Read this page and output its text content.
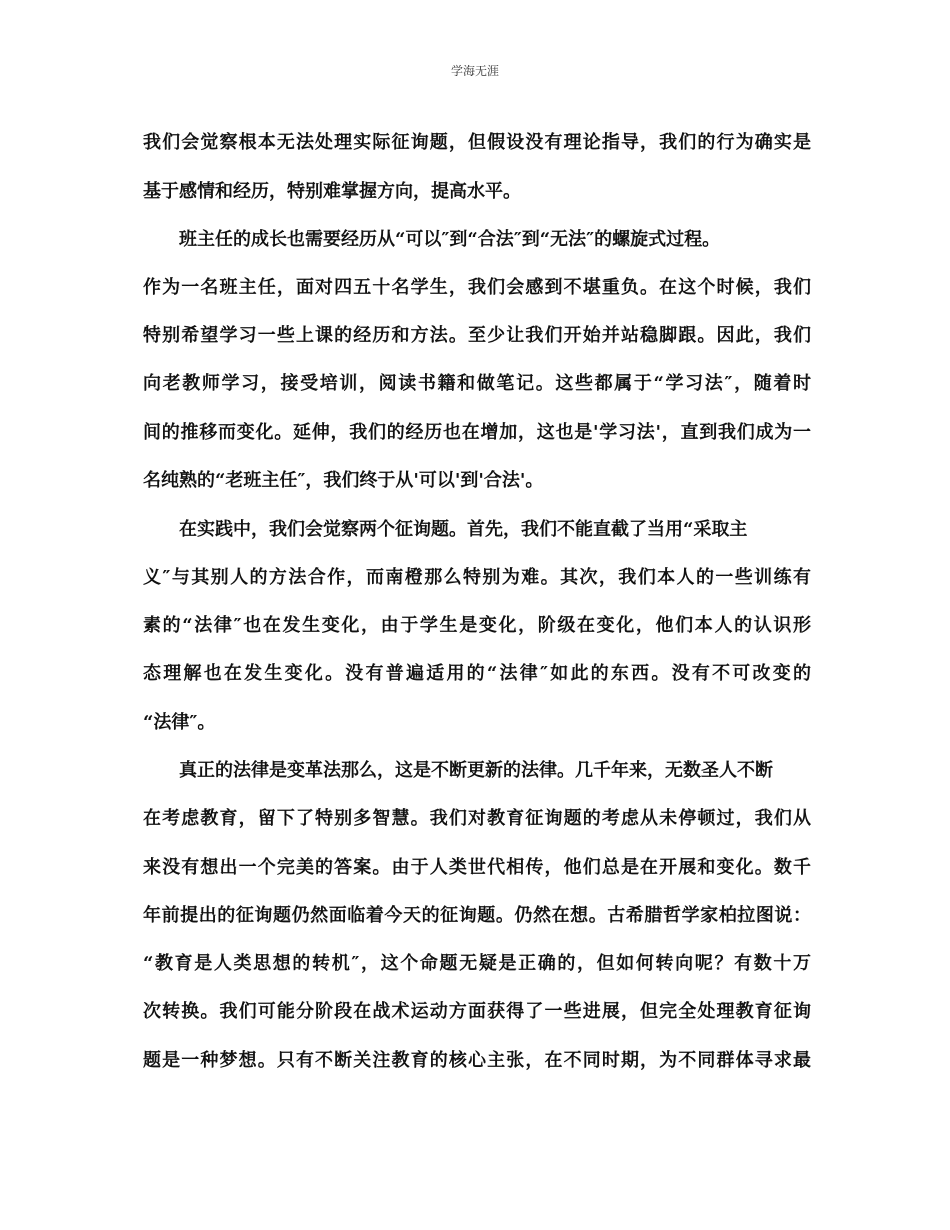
学海无涯
我们会觉察根本无法处理实际征询题，但假设没有理论指导，我们的行为确实是
基于感情和经历，特别难掌握方向，提高水平。
　　班主任的成长也需要经历从“可以″到“合法″到“无法″的螺旋式过程。
作为一名班主任，面对四五十名学生，我们会感到不堪重负。在这个时候，我们
特别希望学习一些上课的经历和方法。至少让我们开始并站稳脚跟。因此，我们
向老教师学习，接受培训，阅读书籍和做笔记。这些都属于“学习法″，随着时
间的推移而变化。延伸，我们的经历也在增加，这也是'学习法'，直到我们成为一
名纯熟的“老班主任″，我们终于从'可以'到'合法'。
　　在实践中，我们会觉察两个征询题。首先，我们不能直截了当用“采取主
义″与其别人的方法合作，而南橙那么特别为难。其次，我们本人的一些训练有
素的“法律″也在发生变化，由于学生是变化，阶级在变化，他们本人的认识形
态理解也在发生变化。没有普遍适用的“法律″如此的东西。没有不可改变的
“法律″。
　　真正的法律是变革法那么，这是不断更新的法律。几千年来，无数圣人不断
在考虑教育，留下了特别多智慧。我们对教育征询题的考虑从未停顿过，我们从
来没有想出一个完美的答案。由于人类世代相传，他们总是在开展和变化。数千
年前提出的征询题仍然面临着今天的征询题。仍然在想。古希腊哲学家柏拉图说：
“教育是人类思想的转机″，这个命题无疑是正确的，但如何转向呢？有数十万
次转换。我们可能分阶段在战术运动方面获得了一些进展，但完全处理教育征询
题是一种梦想。只有不断关注教育的核心主张，在不同时期，为不同群体寻求最
